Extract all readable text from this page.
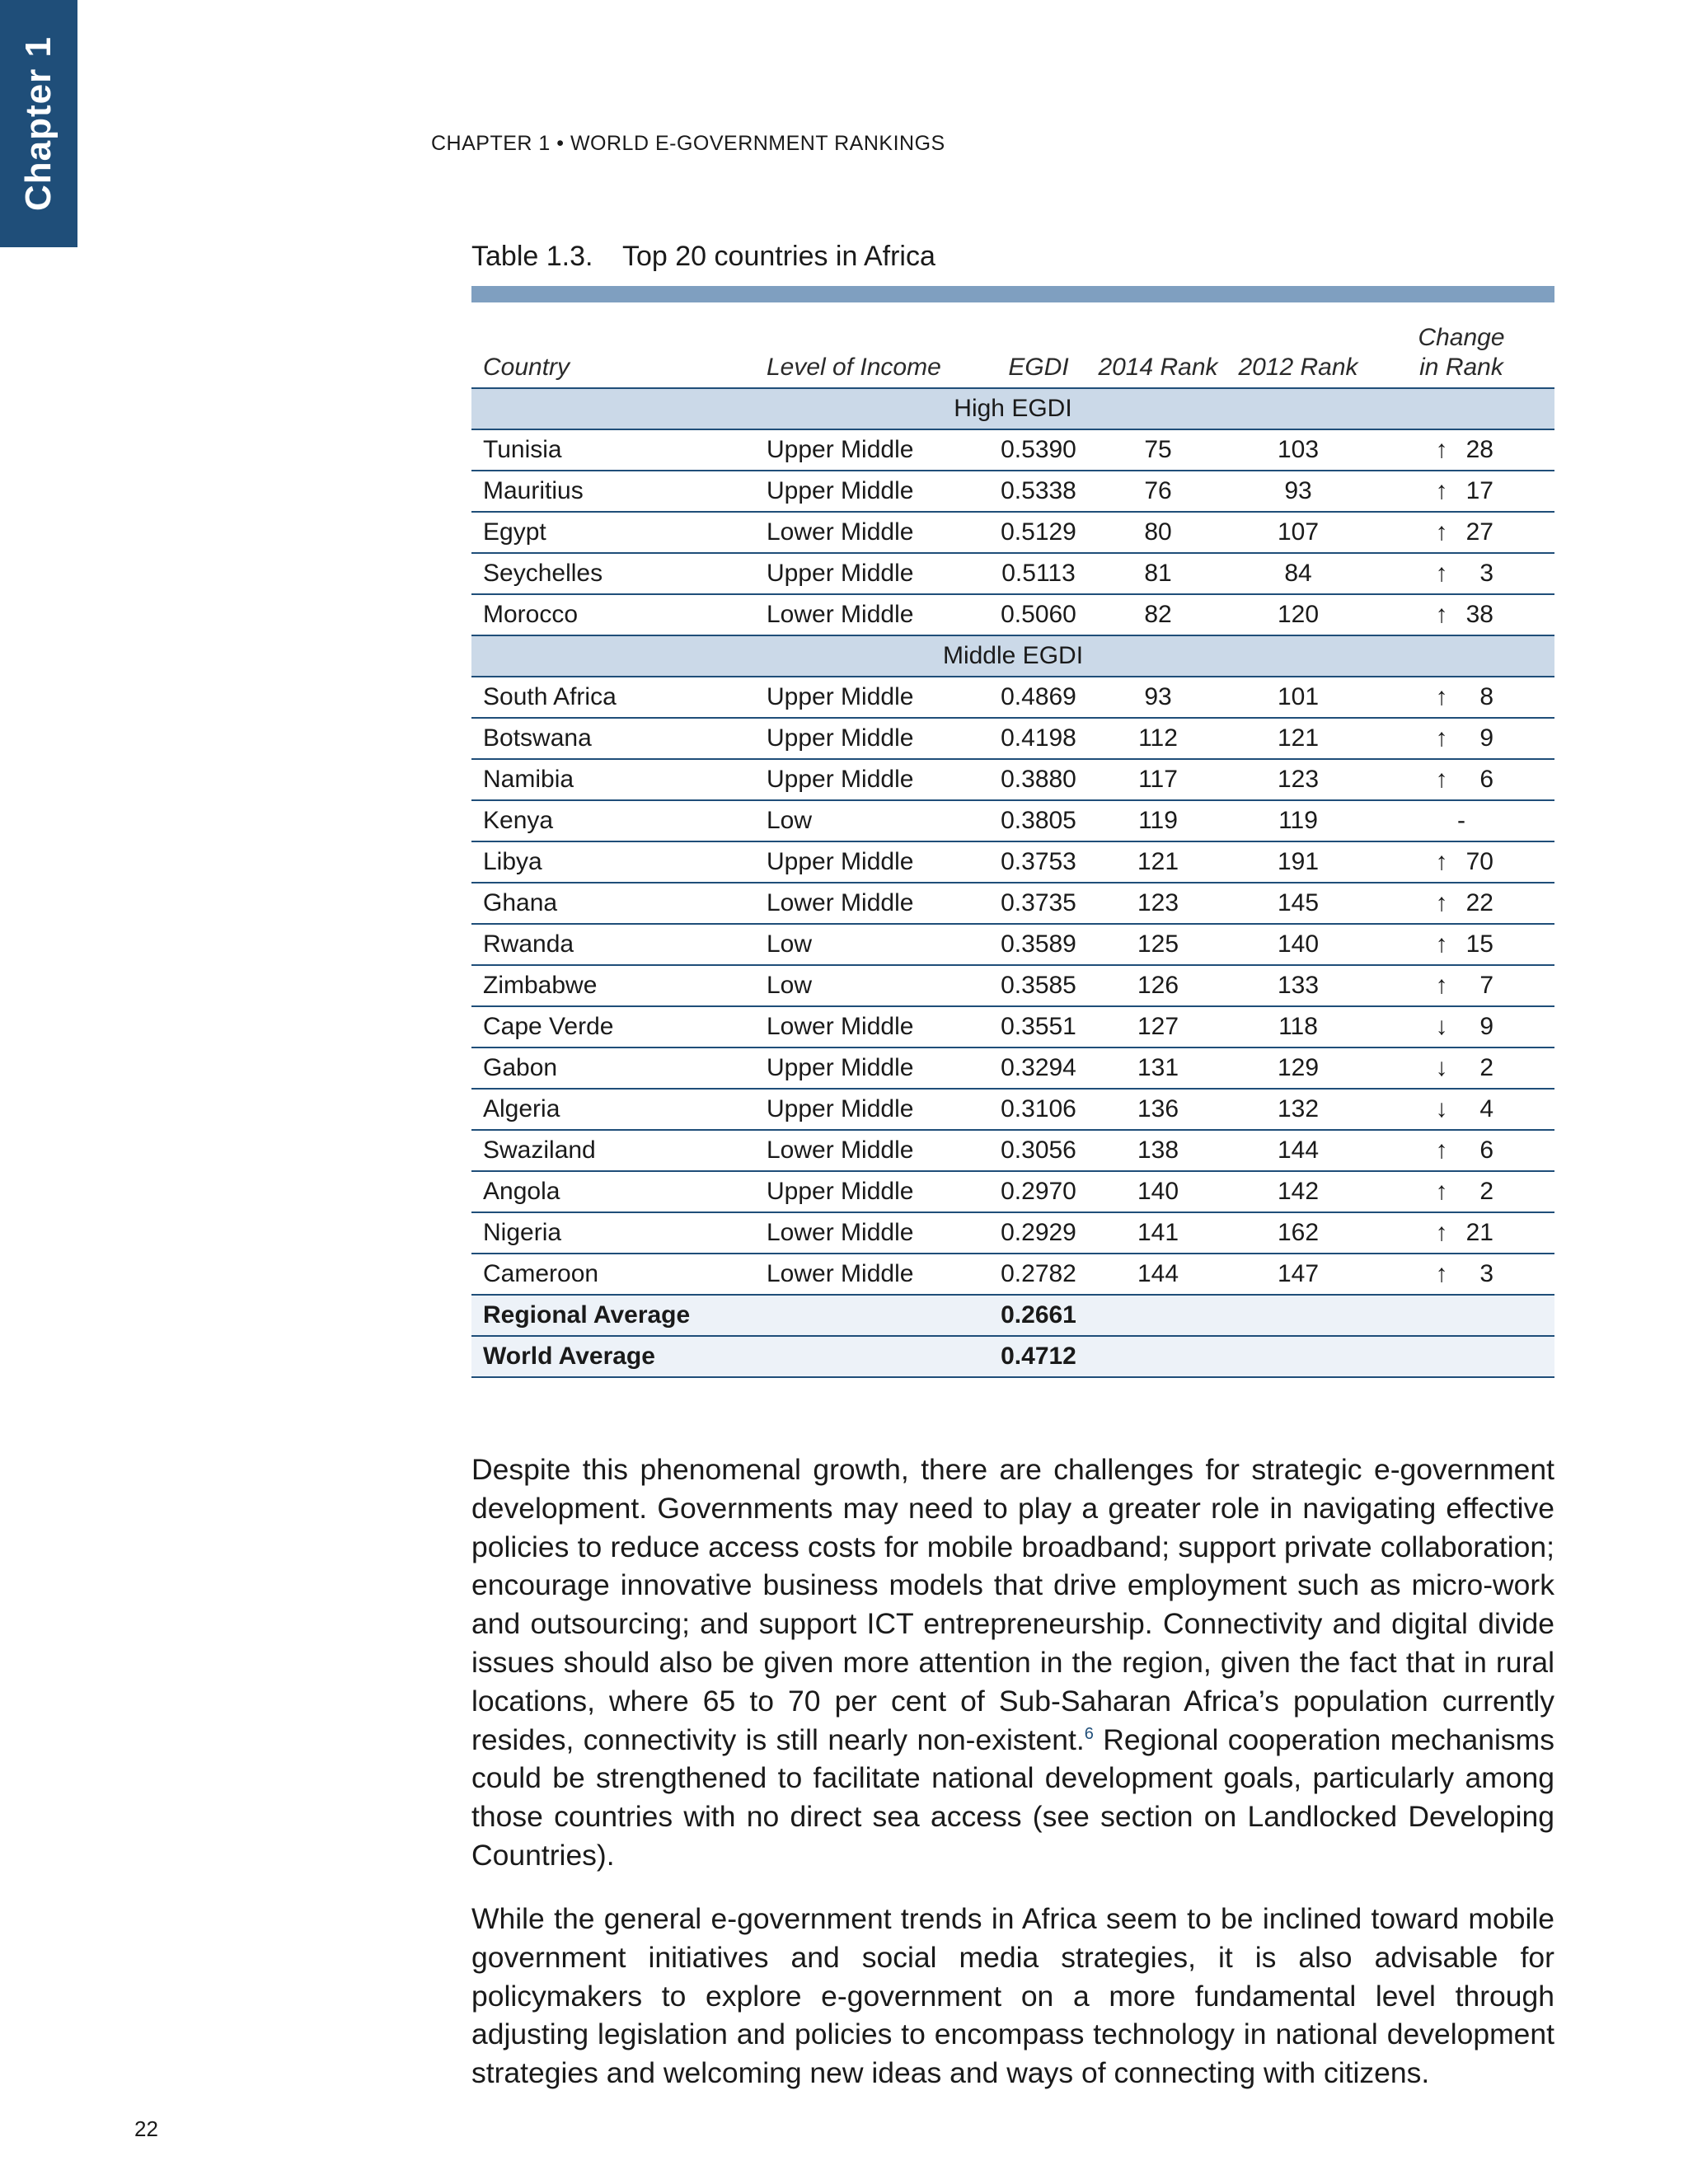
Chapter 1	CHAPTER 1 • WORLD E-GOVERNMENT RANKINGS
Table 1.3. Top 20 countries in Africa
Country	Level of Income	EGDI	2014 Rank	2012 Rank	Change
in Rank
High EGDI					
Tunisia	Upper Middle	0.5390	75	103	↑ 28

Mauritius	Upper Middle	0.5338	76	93	↑ 17

Egypt	Lower Middle	0.5129	80	107	↑ 27

Seychelles	Upper Middle	0.5113	81	84	↑ 3

Morocco	Lower Middle	0.5060	82	120	↑ 38

Middle EGDI					
South Africa	Upper Middle	0.4869	93	101	↑ 8

Botswana	Upper Middle	0.4198	112	121	↑ 9

Namibia	Upper Middle	0.3880	117	123	↑ 6

Kenya	Low	0.3805	119	119	-
Libya	Upper Middle	0.3753	121	191	↑ 70

Ghana	Lower Middle	0.3735	123	145	↑ 22

Rwanda	Low	0.3589	125	140	↑ 15

Zimbabwe	Low	0.3585	126	133	↑ 7

Cape Verde	Lower Middle	0.3551	127	118	↓ 9

Gabon	Upper Middle	0.3294	131	129	↓ 2

Algeria	Upper Middle	0.3106	136	132	↓ 4

Swaziland	Lower Middle	0.3056	138	144	↑ 6

Angola	Upper Middle	0.2970	140	142	↑ 2

Nigeria	Lower Middle	0.2929	141	162	↑ 21

Cameroon	Lower Middle	0.2782	144	147	↑ 3

Regional Average		0.2661			
World Average		0.4712			

Despite this phenomenal growth, there are challenges for strategic e-government development. Governments may need to play a greater role in navigating effective policies to reduce access costs for mobile broadband; support private collaboration; encourage innovative business models that drive employment such as micro-work and outsourcing; and support ICT entrepreneurship. Connectivity and digital divide issues should also be given more attention in the region, given the fact that in rural locations, where 65 to 70 per cent of Sub-Saharan Africa’s population currently resides, connectivity is still nearly non-existent.$^6$ Regional cooperation mechanisms could be strengthened to facilitate national development goals, particularly among those countries with no direct sea access (see section on Landlocked Developing Countries).

While the general e-government trends in Africa seem to be inclined toward mobile government initiatives and social media strategies, it is also advisable for policymakers to explore e-government on a more fundamental level through adjusting legislation and policies to encompass technology in national development strategies and welcoming new ideas and ways of connecting with citizens.

22
